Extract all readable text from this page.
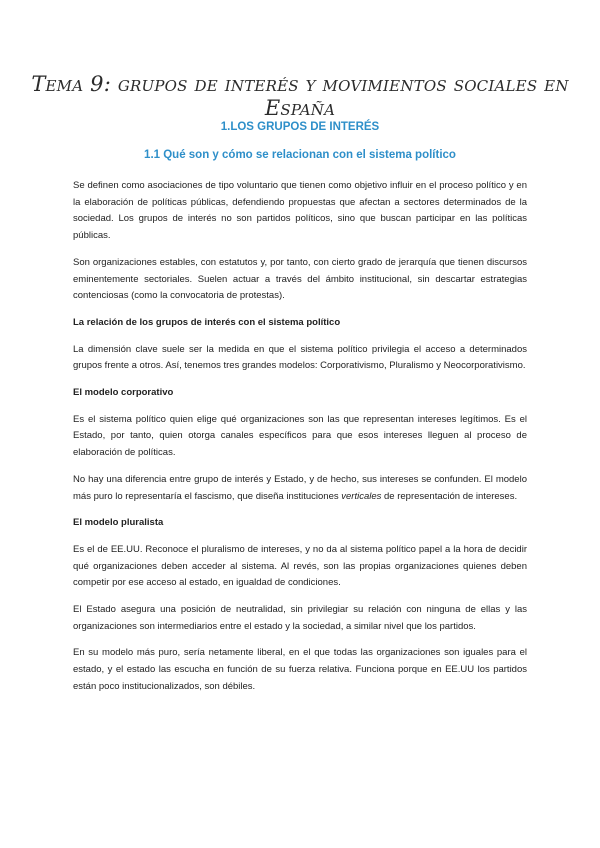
Tema 9: grupos de interés y movimientos sociales en España
1.LOS GRUPOS DE INTERÉS
1.1 Qué son y cómo se relacionan con el sistema político

Se definen como asociaciones de tipo voluntario que tienen como objetivo influir en el proceso político y en la elaboración de políticas públicas, defendiendo propuestas que afectan a sectores determinados de la sociedad. Los grupos de interés no son partidos políticos, sino que buscan participar en las políticas públicas.

Son organizaciones estables, con estatutos y, por tanto, con cierto grado de jerarquía que tienen discursos eminentemente sectoriales. Suelen actuar a través del ámbito institucional, sin descartar estrategias contenciosas (como la convocatoria de protestas).

La relación de los grupos de interés con el sistema político

La dimensión clave suele ser la medida en que el sistema político privilegia el acceso a determinados grupos frente a otros. Así, tenemos tres grandes modelos: Corporativismo, Pluralismo y Neocorporativismo.

El modelo corporativo

Es el sistema político quien elige qué organizaciones son las que representan intereses legítimos. Es el Estado, por tanto, quien otorga canales específicos para que esos intereses lleguen al proceso de elaboración de políticas.

No hay una diferencia entre grupo de interés y Estado, y de hecho, sus intereses se confunden. El modelo más puro lo representaría el fascismo, que diseña instituciones verticales de representación de intereses.

El modelo pluralista

Es el de EE.UU. Reconoce el pluralismo de intereses, y no da al sistema político papel a la hora de decidir qué organizaciones deben acceder al sistema. Al revés, son las propias organizaciones quienes deben competir por ese acceso al estado, en igualdad de condiciones.

El Estado asegura una posición de neutralidad, sin privilegiar su relación con ninguna de ellas y las organizaciones son intermediarios entre el estado y la sociedad, a similar nivel que los partidos.

En su modelo más puro, sería netamente liberal, en el que todas las organizaciones son iguales para el estado, y el estado las escucha en función de su fuerza relativa. Funciona porque en EE.UU los partidos están poco institucionalizados, son débiles.
